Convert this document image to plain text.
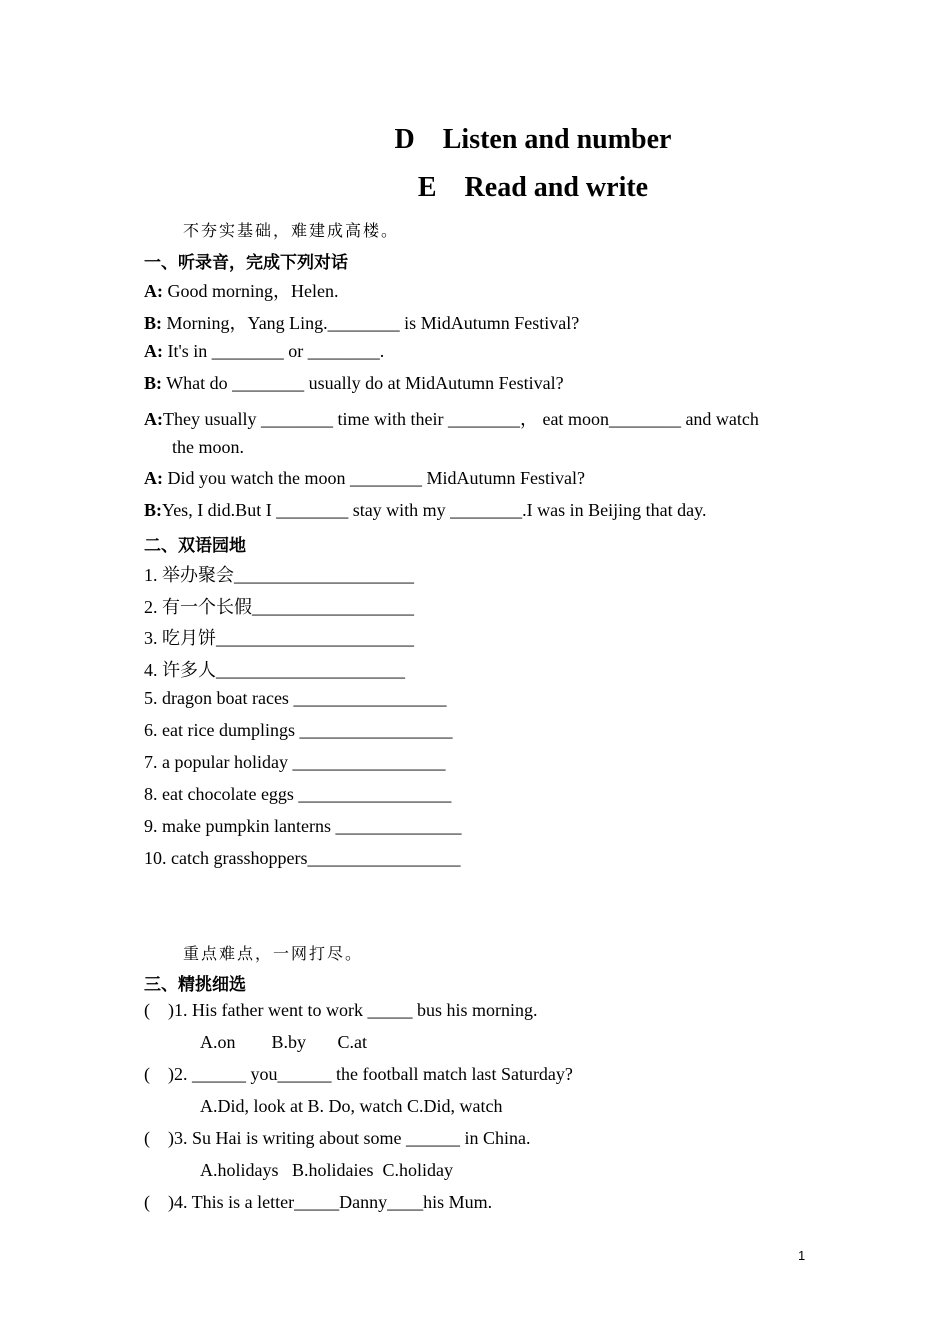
D    Listen and number
E    Read and write
不夯实基础，难建成高楼。
一、听录音，完成下列对话
A: Good morning，Helen.
B: Morning，Yang Ling.________ is MidAutumn Festival?
A: It's in ________ or ________.
B: What do ________ usually do at MidAutumn Festival?
A:They usually ________ time with their ________， eat moon________ and watch
the moon.
A: Did you watch the moon ________ MidAutumn Festival?
B:Yes, I did.But I ________ stay with my ________.I was in Beijing that day.
二、双语园地
1. 举办聚会____________________
2. 有一个长假__________________
3. 吃月饼______________________
4. 许多人_____________________
5. dragon boat races _________________
6. eat rice dumplings _________________
7. a popular holiday _________________
8. eat chocolate eggs _________________
9. make pumpkin lanterns ______________
10. catch grasshoppers_________________
重点难点，一网打尽。
三、精挑细选
(    )1. His father went to work _____ bus his morning.
A.on        B.by       C.at
(    )2. ______ you______ the football match last Saturday?
A.Did, look at B. Do, watch C.Did, watch
(    )3. Su Hai is writing about some ______ in China.
A.holidays   B.holidaies  C.holiday
(    )4. This is a letter_____Danny____his Mum.
1
